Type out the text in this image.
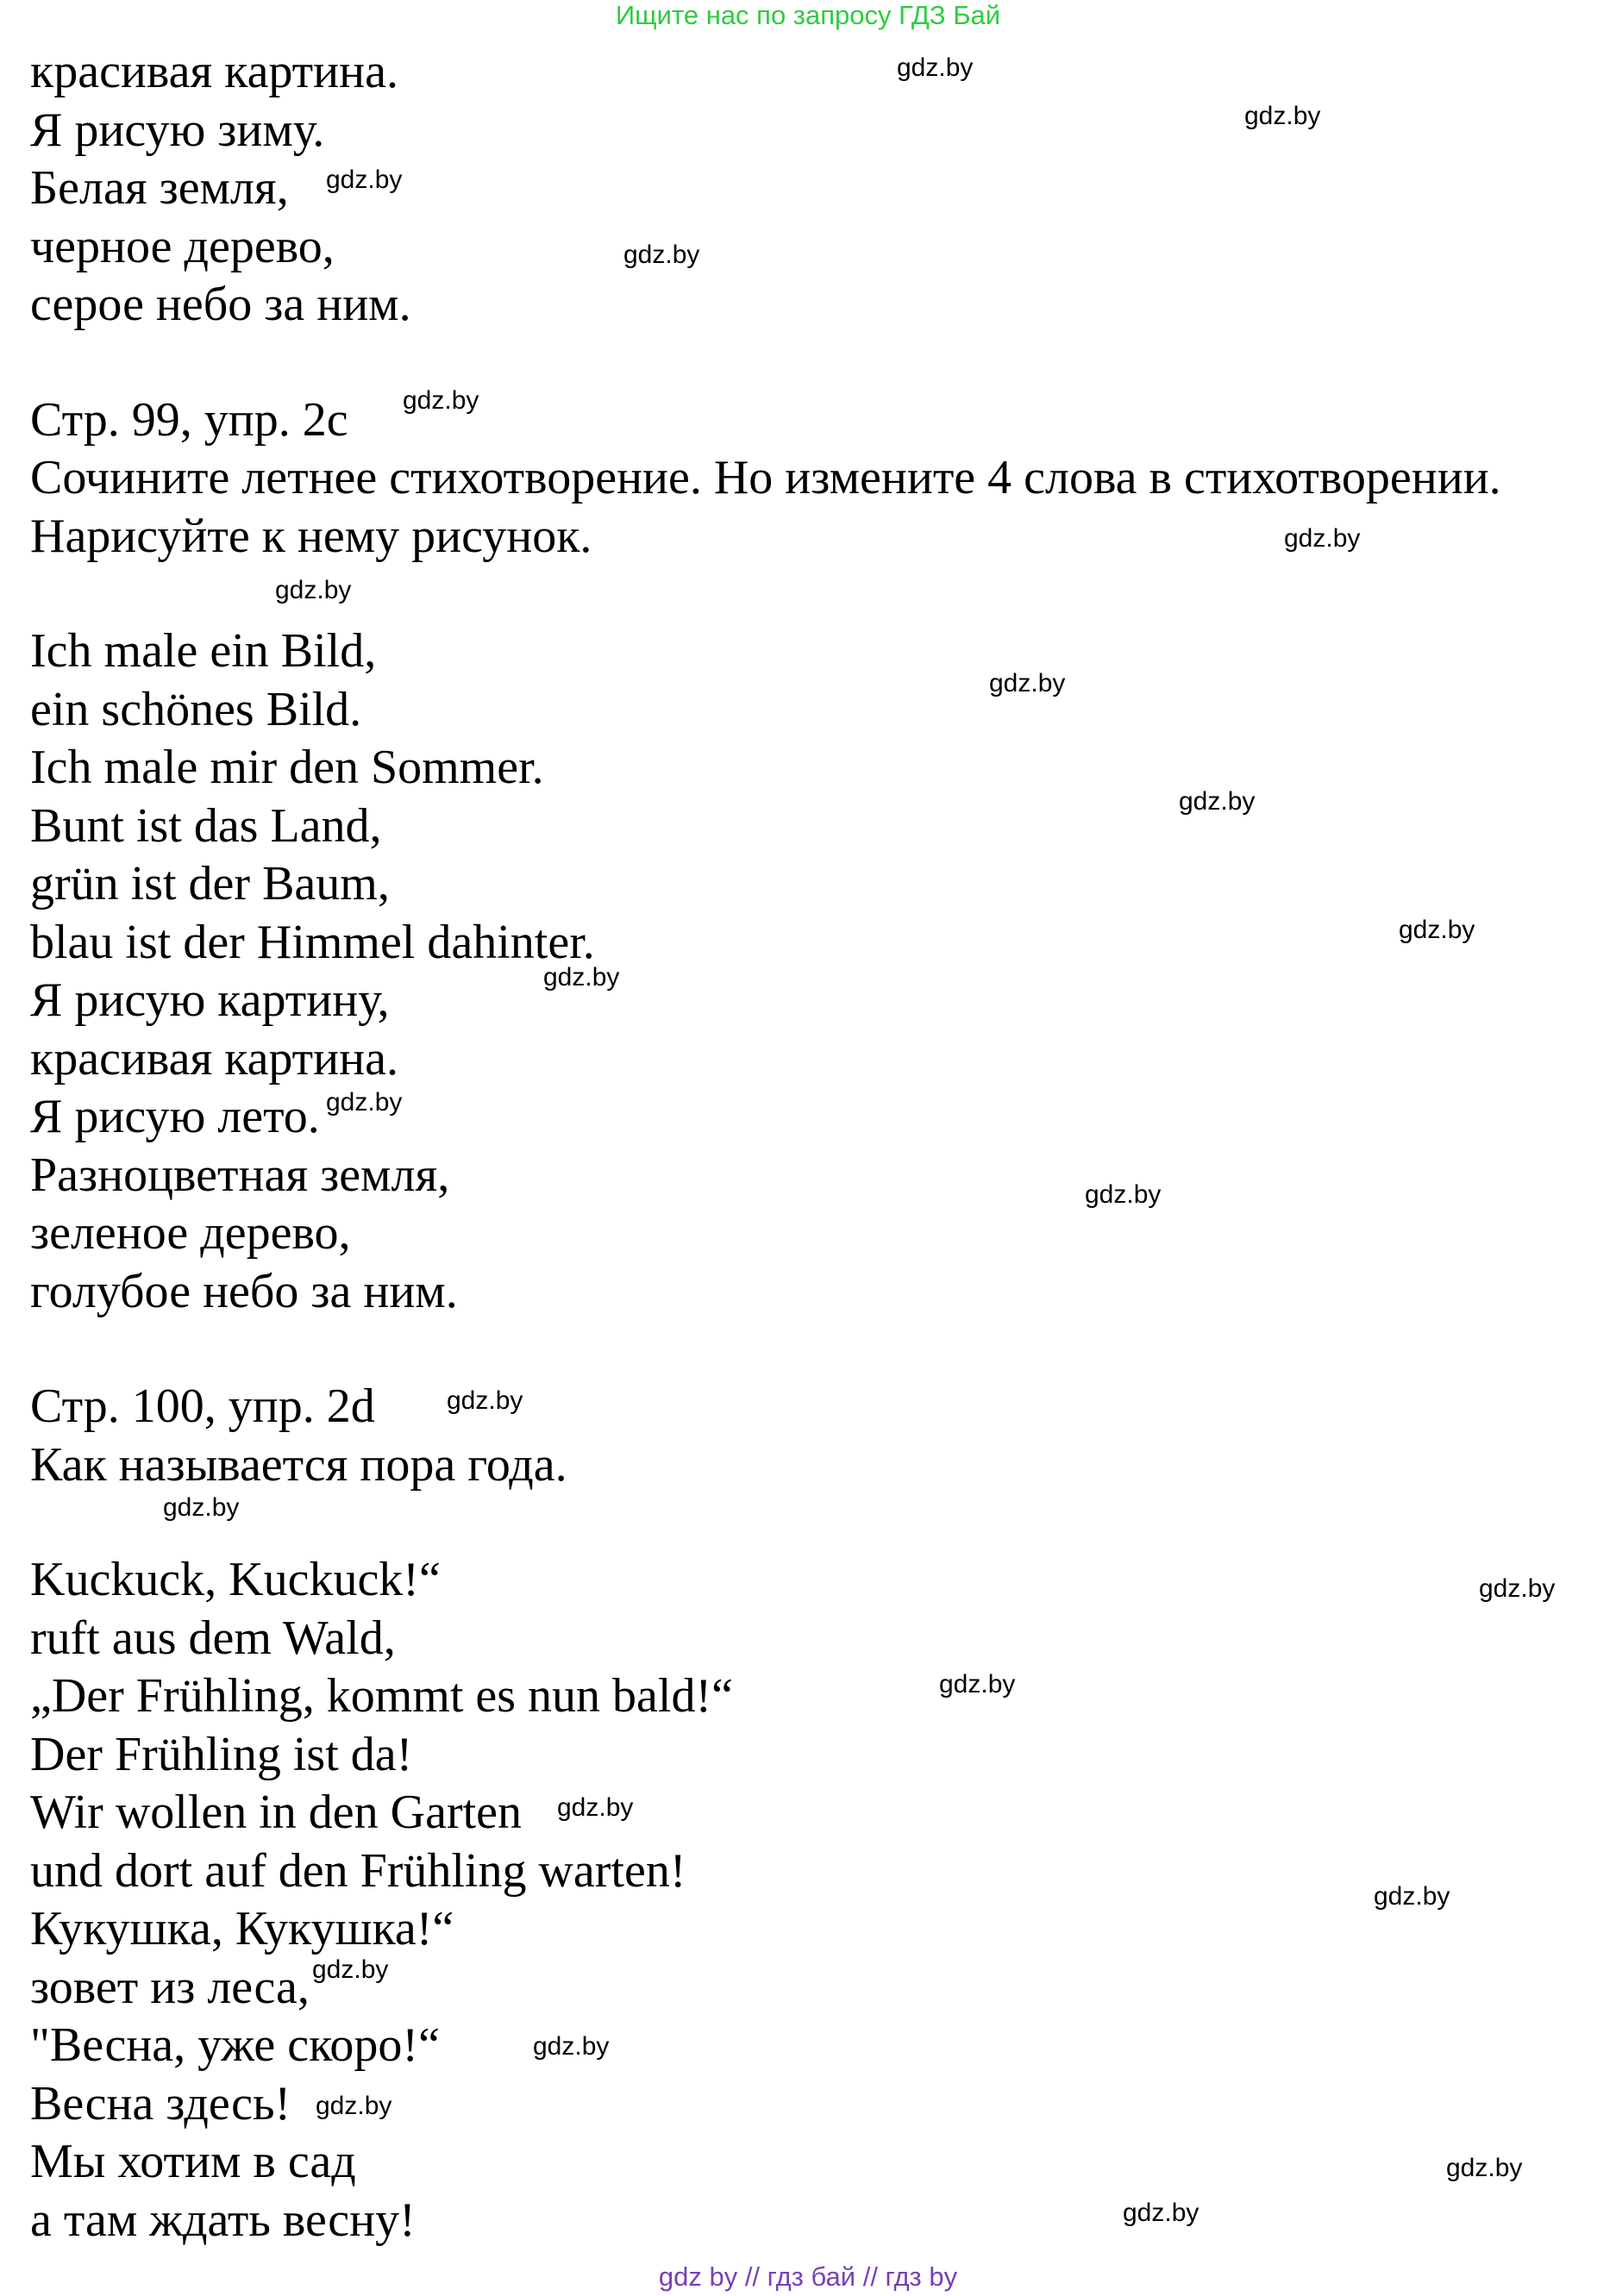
Ищите нас по запросу ГДЗ Бай
красивая картина.
Я рисую зиму.
Белая земля,
черное дерево,
серое небо за ним.
Стр. 99, упр. 2c
Сочините летнее стихотворение. Но измените 4 слова в стихотворении.
Нарисуйте к нему рисунок.
Ich male ein Bild,
ein schönes Bild.
Ich male mir den Sommer.
Bunt ist das Land,
grün ist der Baum,
blau ist der Himmel dahinter.
Я рисую картину,
красивая картина.
Я рисую лето.
Разноцветная земля,
зеленое дерево,
голубое небо за ним.
Стр. 100, упр. 2d
Как называется пора года.
Kuckuck, Kuckuck!“
ruft aus dem Wald,
„Der Frühling, kommt es nun bald!“
Der Frühling ist da!
Wir wollen in den Garten
und dort auf den Frühling warten!
Кукушка, Кукушка!“
зовет из леса,
"Весна, уже скоро!“
Весна здесь!
Мы хотим в сад
а там ждать весну!
gdz.by
gdz.by
gdz.by
gdz.by
gdz.by
gdz.by
gdz.by
gdz.by
gdz.by
gdz.by
gdz.by
gdz.by
gdz.by
gdz.by
gdz.by
gdz.by
gdz.by
gdz.by
gdz.by
gdz.by
gdz.by
gdz.by
gdz.by
gdz.by
gdz by // гдз бай // гдз by
